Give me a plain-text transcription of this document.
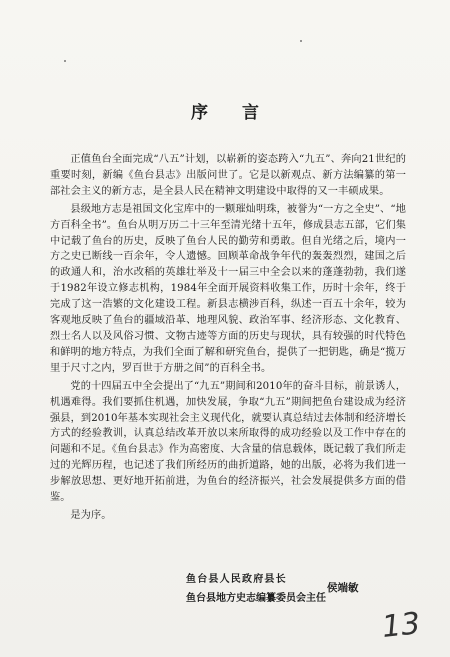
序 言

正值鱼台全面完成“八五”计划，以崭新的姿态跨入“九五”、奔向21世纪的重要时刻，新编《鱼台县志》出版问世了。它是以新观点、新方法编纂的第一部社会主义的新方志，是全县人民在精神文明建设中取得的又一丰硕成果。

县级地方志是祖国文化宝库中的一颗璀灿明珠，被誉为“一方之全史”、“地方百科全书”。鱼台从明万历二十三年至清光绪十五年，修成县志五部，它们集中记载了鱼台的历史，反映了鱼台人民的勤劳和勇敢。但自光绪之后，境内一方之史已断线一百余年，令人遗憾。回顾革命战争年代的轰轰烈烈，建国之后的政通人和，治水改稻的英雄壮举及十一届三中全会以来的蓬蓬勃勃，我们遂于1982年设立修志机构，1984年全面开展资料收集工作，历时十余年，终于完成了这一浩繁的文化建设工程。新县志横涉百科，纵述一百五十余年，较为客观地反映了鱼台的疆域沿革、地理风貌、政治军事、经济形态、文化教育、烈士名人以及风俗习惯、文物古迹等方面的历史与现状，具有较强的时代特色和鲜明的地方特点，为我们全面了解和研究鱼台，提供了一把钥匙，确是“揽万里于尺寸之内，罗百世于方册之间”的百科全书。

党的十四届五中全会提出了“九五”期间和2010年的奋斗目标，前景诱人，机遇难得。我们要抓住机遇，加快发展，争取“九五”期间把鱼台建设成为经济强县，到2010年基本实现社会主义现代化，就要认真总结过去体制和经济增长方式的经验教训，认真总结改革开放以来所取得的成功经验以及工作中存在的问题和不足。《鱼台县志》作为高密度、大含量的信息载体，既记载了我们所走过的光辉历程，也记述了我们所经历的曲折道路，她的出版，必将为我们进一步解放思想、更好地开拓前进，为鱼台的经济振兴，社会发展提供多方面的借鉴。

是为序。

鱼台县人民政府县长
侯端敏
鱼台县地方史志编纂委员会主任
13
